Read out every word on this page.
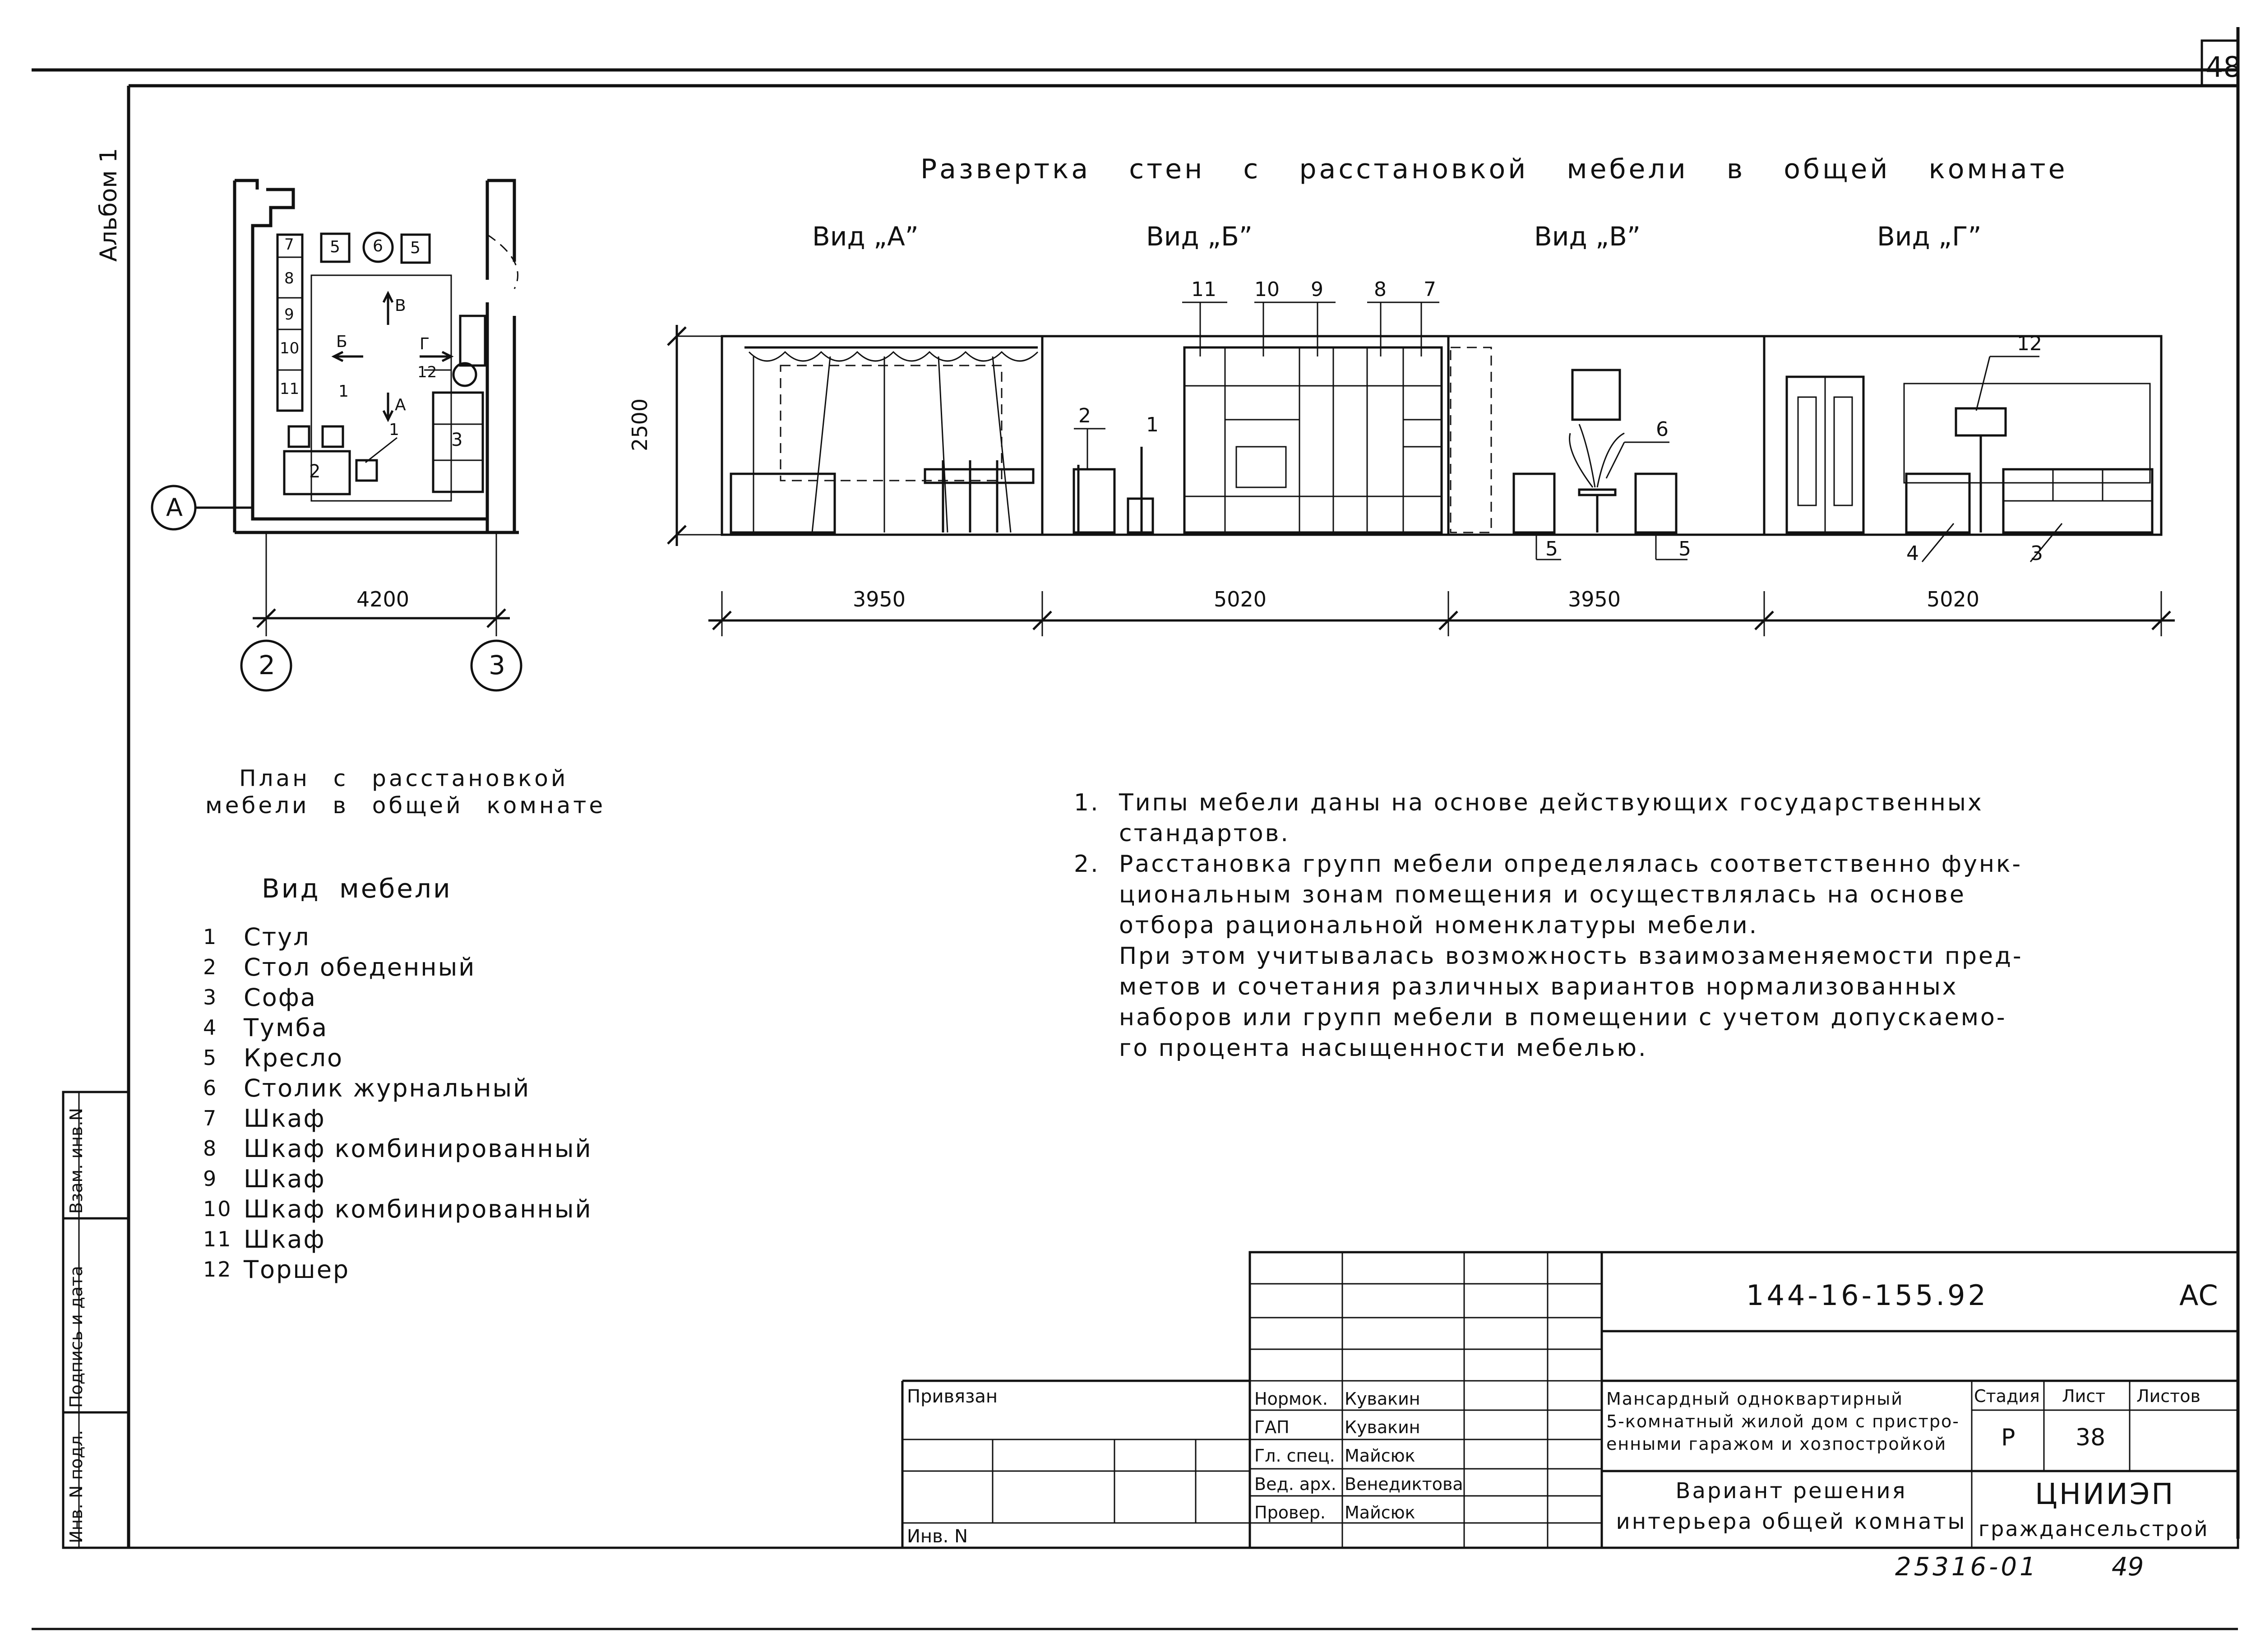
48
Альбом 1	Развертка стен с расстановкой мебели в общей комнате
Вид „А”	Вид „Б”	Вид „В”	Вид „Г”
2500
3950	5020	3950	5020
11 10 9	8 7
2	1	6
5	5
12
4	3
7
8
9
10
11
5 6 5
3
2
1
1
12
В
Б	Г
А
А
4200
2	3
План с расстановкой
мебели в общей комнате
Вид мебели
1	Стул
2	Стол обеденный
3	Софа
4	Тумба
5	Кресло
6	Столик журнальный
7	Шкаф
8	Шкаф комбинированный
9	Шкаф
10 Шкаф комбинированный
11 Шкаф
12 Торшер
1. Типы мебели даны на основе действующих государственных
стандартов.
2. Расстановка групп мебели определялась соответственно функ-
циональным зонам помещения и осуществлялась на основе
отбора рациональной номенклатуры мебели.
При этом учитывалась возможность взаимозаменяемости пред-
метов и сочетания различных вариантов нормализованных
наборов или групп мебели в помещении с учетом допускаемо-
го процента насыщенности мебелью.
Инв. N подл.
Подпись и дата
Взам. инв.N
144-16-155.92	АС
Привязан
Инв. N
Нормок. Кувакин
ГАП	Кувакин
Гл. спец. Майсюк
Вед. арх. Венедиктова
Провер.	Майсюк
Мансардный одноквартирный
5-комнатный жилой дом с пристро-
енными гаражом и хозпостройкой
Вариант решения
интерьера общей комнаты
Стадия Лист Листов
Р	38
ЦНИИЭП
граждансельстрой
25316-01	49
